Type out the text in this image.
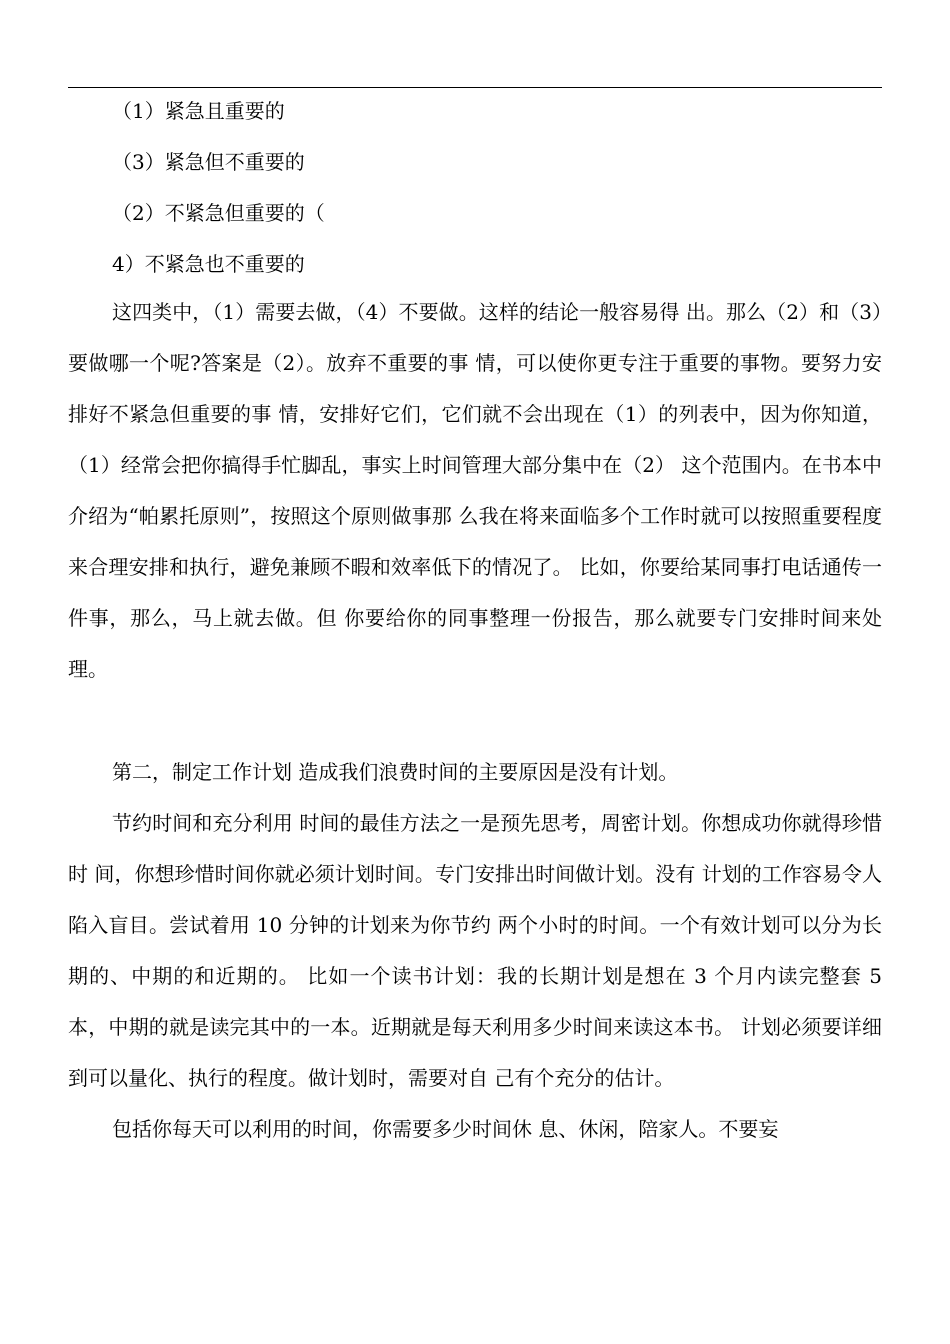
（1）紧急且重要的
（3）紧急但不重要的
（2）不紧急但重要的（
4）不紧急也不重要的

这四类中，（1）需要去做，（4）不要做。这样的结论一般容易得 出。那么（2）和（3）要做哪一个呢?答案是（2）。放弃不重要的事 情，可以使你更专注于重要的事物。要努力安排好不紧急但重要的事 情，安排好它们，它们就不会出现在（1）的列表中，因为你知道， （1）经常会把你搞得手忙脚乱，事实上时间管理大部分集中在（2） 这个范围内。在书本中介绍为“帕累托原则”，按照这个原则做事那 么我在将来面临多个工作时就可以按照重要程度来合理安排和执行，避免兼顾不暇和效率低下的情况了。 比如，你要给某同事打电话通传一件事，那么，马上就去做。但 你要给你的同事整理一份报告，那么就要专门安排时间来处理。

第二，制定工作计划 造成我们浪费时间的主要原因是没有计划。

节约时间和充分利用 时间的最佳方法之一是预先思考，周密计划。你想成功你就得珍惜时 间，你想珍惜时间你就必须计划时间。专门安排出时间做计划。没有 计划的工作容易令人陷入盲目。尝试着用 10 分钟的计划来为你节约 两个小时的时间。一个有效计划可以分为长期的、中期的和近期的。 比如一个读书计划：我的长期计划是想在 3 个月内读完整套 5 本，中期的就是读完其中的一本。近期就是每天利用多少时间来读这本书。 计划必须要详细到可以量化、执行的程度。做计划时，需要对自 己有个充分的估计。

包括你每天可以利用的时间，你需要多少时间休 息、休闲，陪家人。不要妄
